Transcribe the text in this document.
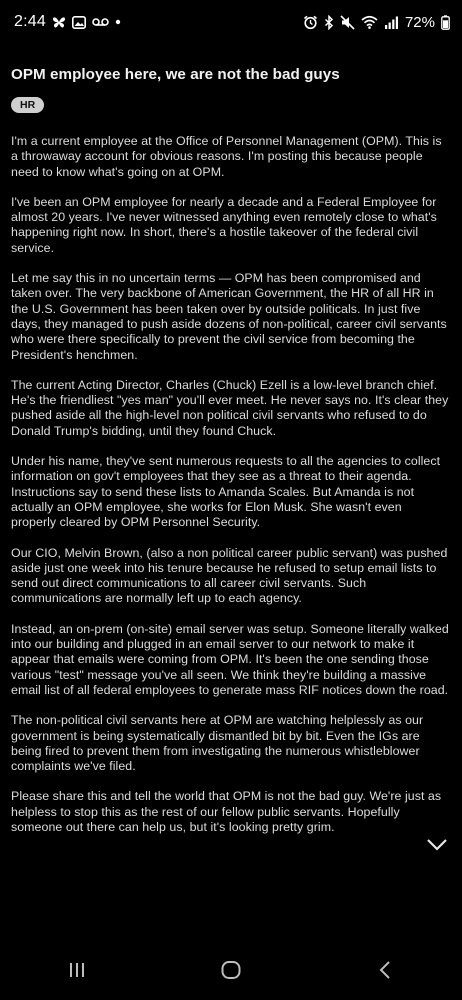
2:44	72%
OPM employee here, we are not the bad guys
HR

I'm a current employee at the Office of Personnel Management (OPM). This is a throwaway account for obvious reasons. I'm posting this because people need to know what's going on at OPM.

I've been an OPM employee for nearly a decade and a Federal Employee for almost 20 years. I've never witnessed anything even remotely close to what's happening right now. In short, there's a hostile takeover of the federal civil service.

Let me say this in no uncertain terms — OPM has been compromised and taken over. The very backbone of American Government, the HR of all HR in the U.S. Government has been taken over by outside politicals. In just five days, they managed to push aside dozens of non-political, career civil servants who were there specifically to prevent the civil service from becoming the President's henchmen.

The current Acting Director, Charles (Chuck) Ezell is a low-level branch chief. He's the friendliest "yes man" you'll ever meet. He never says no. It's clear they pushed aside all the high-level non political civil servants who refused to do Donald Trump's bidding, until they found Chuck.

Under his name, they've sent numerous requests to all the agencies to collect information on gov't employees that they see as a threat to their agenda. Instructions say to send these lists to Amanda Scales. But Amanda is not actually an OPM employee, she works for Elon Musk. She wasn't even properly cleared by OPM Personnel Security.

Our CIO, Melvin Brown, (also a non political career public servant) was pushed aside just one week into his tenure because he refused to setup email lists to send out direct communications to all career civil servants. Such communications are normally left up to each agency.

Instead, an on-prem (on-site) email server was setup. Someone literally walked into our building and plugged in an email server to our network to make it appear that emails were coming from OPM. It's been the one sending those various "test" message you've all seen. We think they're building a massive email list of all federal employees to generate mass RIF notices down the road.

The non-political civil servants here at OPM are watching helplessly as our government is being systematically dismantled bit by bit. Even the IGs are being fired to prevent them from investigating the numerous whistleblower complaints we've filed.

Please share this and tell the world that OPM is not the bad guy. We're just as helpless to stop this as the rest of our fellow public servants. Hopefully someone out there can help us, but it's looking pretty grim.
